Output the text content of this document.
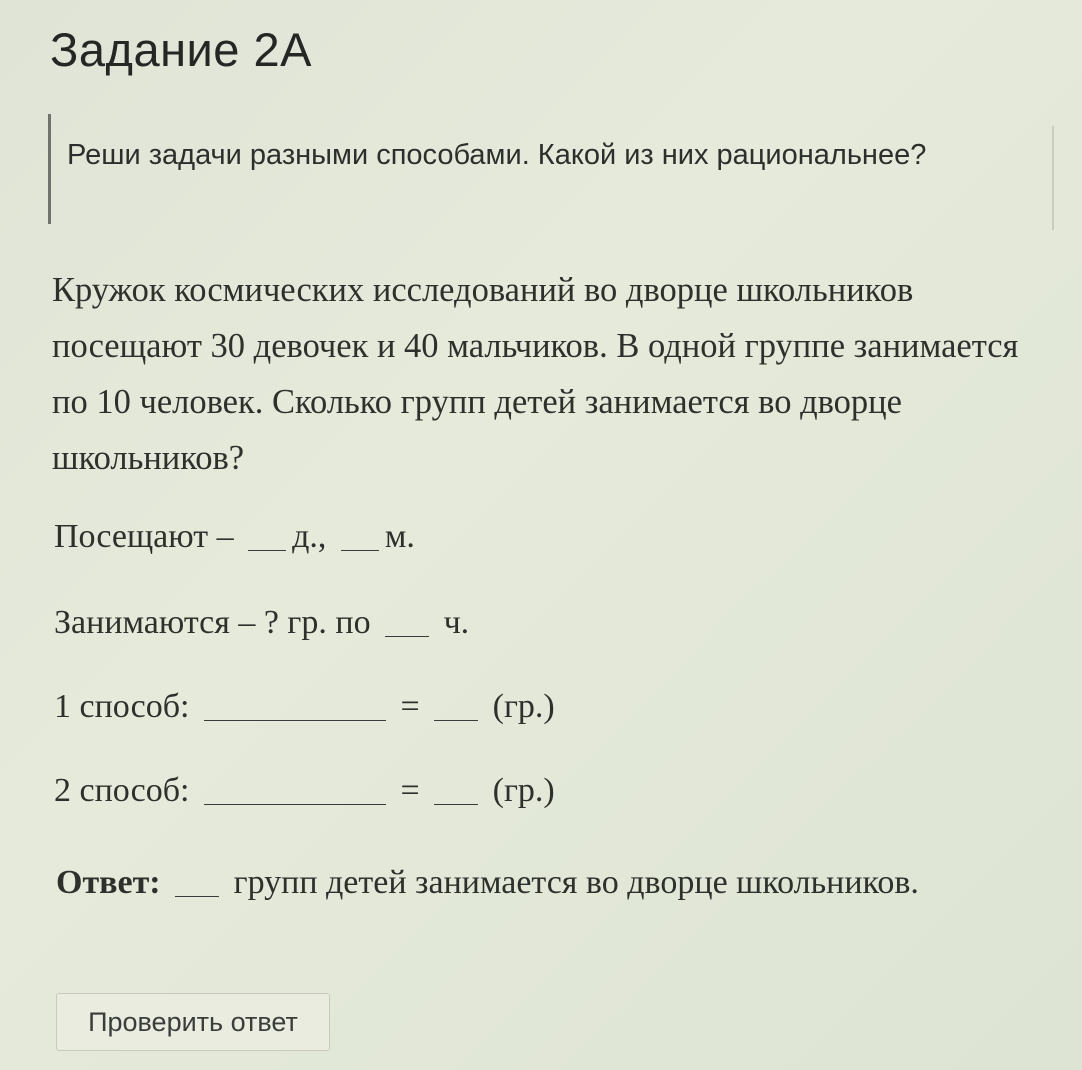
Задание 2А

Реши задачи разными способами. Какой из них рациональнее?

Кружок космических исследований во дворце школьников посещают 30 девочек и 40 мальчиков. В одной группе занимается по 10 человек. Сколько групп детей занимается во дворце школьников?

Посещают – д., м.
Занимаются – ? гр. по ч.
1 способ:	= (гр.)
2 способ:	= (гр.)

Ответ: групп детей занимается во дворце школьников.

Проверить ответ
